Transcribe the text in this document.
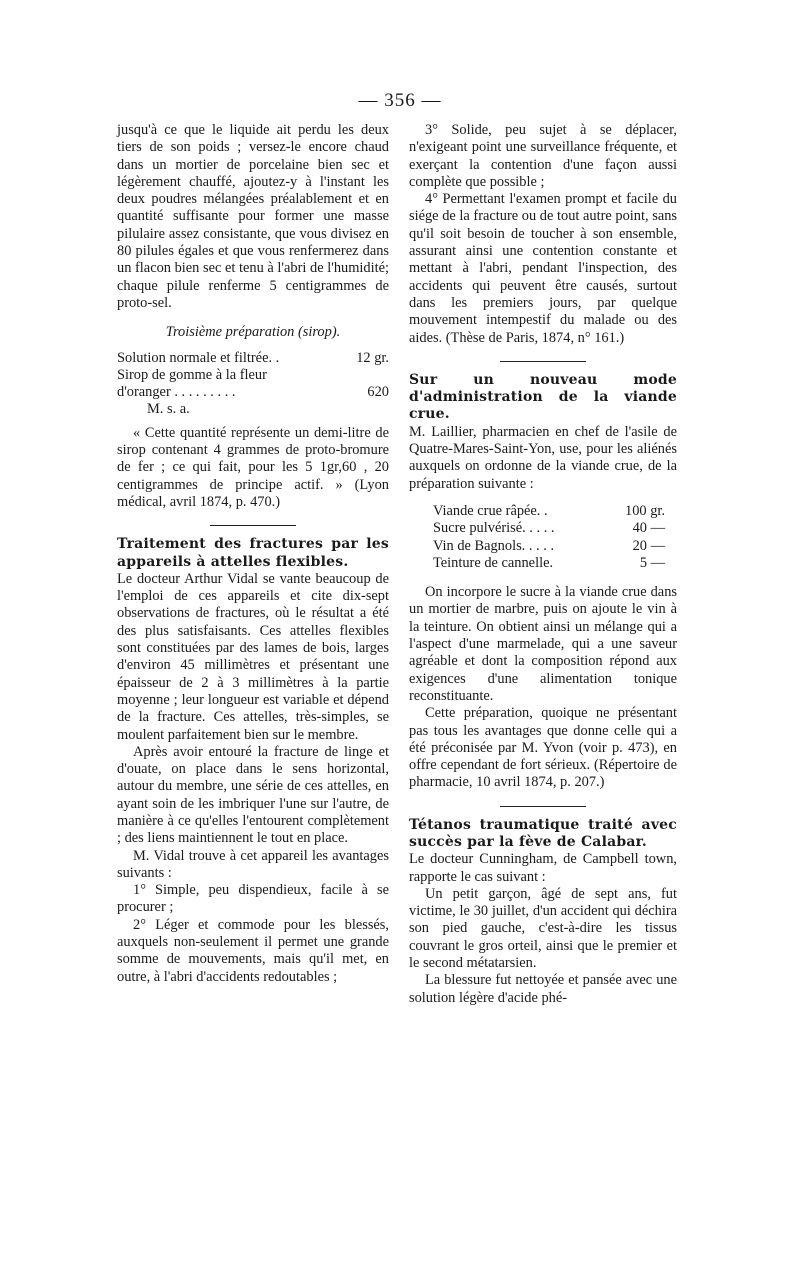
— 356 —

jusqu'à ce que le liquide ait perdu les deux tiers de son poids ; versez-le encore chaud dans un mortier de porcelaine bien sec et légèrement chauffé, ajoutez-y à l'instant les deux poudres mélangées préalablement et en quantité suffisante pour former une masse pilulaire assez consistante, que vous divisez en 80 pilules égales et que vous renfermerez dans un flacon bien sec et tenu à l'abri de l'humidité; chaque pilule renferme 5 centigrammes de proto-sel.

Troisième préparation (sirop).

Solution normale et filtrée. .	12 gr.
Sirop de gomme à la fleur
d'oranger . . . . . . . . .	620
M. s. a.

« Cette quantité représente un demi-litre de sirop contenant 4 grammes de proto-bromure de fer ; ce qui fait, pour les 5 1gr,60 , 20 centigrammes de principe actif. » (Lyon médical, avril 1874, p. 470.)

Traitement des fractures par les appareils à attelles flexibles.

Le docteur Arthur Vidal se vante beaucoup de l'emploi de ces appareils et cite dix-sept observations de fractures, où le résultat a été des plus satisfaisants. Ces attelles flexibles sont constituées par des lames de bois, larges d'environ 45 millimètres et présentant une épaisseur de 2 à 3 millimètres à la partie moyenne ; leur longueur est variable et dépend de la fracture. Ces attelles, très-simples, se moulent parfaitement bien sur le membre.

Après avoir entouré la fracture de linge et d'ouate, on place dans le sens horizontal, autour du membre, une série de ces attelles, en ayant soin de les imbriquer l'une sur l'autre, de manière à ce qu'elles l'entourent complètement ; des liens maintiennent le tout en place.

M. Vidal trouve à cet appareil les avantages suivants :

1° Simple, peu dispendieux, facile à se procurer ;

2° Léger et commode pour les blessés, auxquels non-seulement il permet une grande somme de mouvements, mais qu'il met, en outre, à l'abri d'accidents redoutables ;

3° Solide, peu sujet à se déplacer, n'exigeant point une surveillance fréquente, et exerçant la contention d'une façon aussi complète que possible ;

4° Permettant l'examen prompt et facile du siége de la fracture ou de tout autre point, sans qu'il soit besoin de toucher à son ensemble, assurant ainsi une contention constante et mettant à l'abri, pendant l'inspection, des accidents qui peuvent être causés, surtout dans les premiers jours, par quelque mouvement intempestif du malade ou des aides. (Thèse de Paris, 1874, n° 161.)

Sur un nouveau mode d'administration de la viande crue.

M. Laillier, pharmacien en chef de l'asile de Quatre-Mares-Saint-Yon, use, pour les aliénés auxquels on ordonne de la viande crue, de la préparation suivante :

Viande crue râpée. .	100 gr.
Sucre pulvérisé. . . . .	40 —
Vin de Bagnols. . . . .	20 —
Teinture de cannelle.	5 —

On incorpore le sucre à la viande crue dans un mortier de marbre, puis on ajoute le vin à la teinture. On obtient ainsi un mélange qui a l'aspect d'une marmelade, qui a une saveur agréable et dont la composition répond aux exigences d'une alimentation tonique reconstituante.

Cette préparation, quoique ne présentant pas tous les avantages que donne celle qui a été préconisée par M. Yvon (voir p. 473), en offre cependant de fort sérieux. (Répertoire de pharmacie, 10 avril 1874, p. 207.)

Tétanos traumatique traité avec succès par la fève de Calabar.

Le docteur Cunningham, de Campbell town, rapporte le cas suivant :

Un petit garçon, âgé de sept ans, fut victime, le 30 juillet, d'un accident qui déchira son pied gauche, c'est-à-dire les tissus couvrant le gros orteil, ainsi que le premier et le second métatarsien.

La blessure fut nettoyée et pansée avec une solution légère d'acide phé-
